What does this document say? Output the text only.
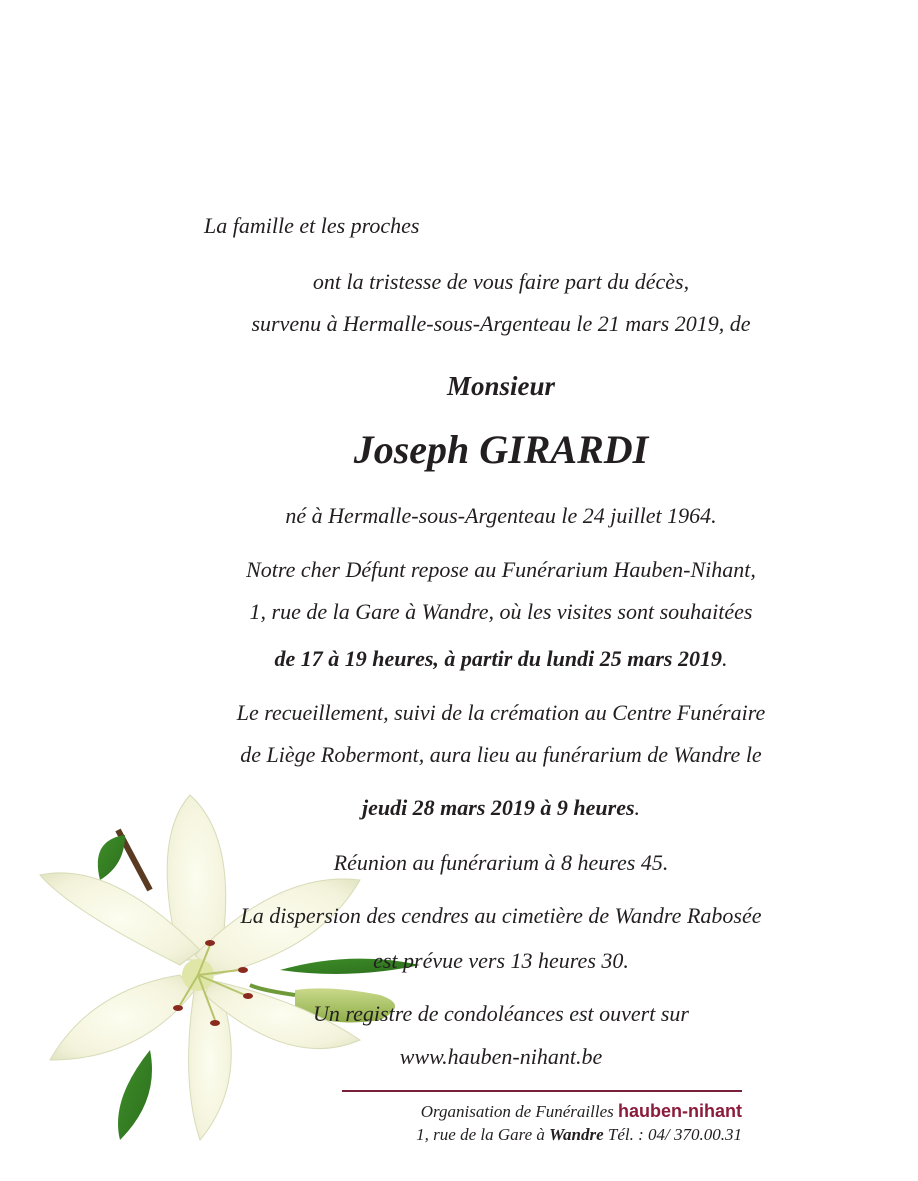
La famille et les proches
ont la tristesse de vous faire part du décès,
survenu à Hermalle-sous-Argenteau le 21 mars 2019, de
Monsieur
Joseph GIRARDI
né à Hermalle-sous-Argenteau le 24 juillet 1964.
Notre cher Défunt repose au Funérarium Hauben-Nihant,
1, rue de la Gare à Wandre, où les visites sont souhaitées
de 17 à 19 heures, à partir du lundi 25 mars 2019.
Le recueillement, suivi de la crémation au Centre Funéraire
de Liège Robermont, aura lieu au funérarium de Wandre le
jeudi 28 mars 2019 à 9 heures.
Réunion au funérarium à 8 heures 45.
La dispersion des cendres au cimetière de Wandre Rabosée
est prévue vers 13 heures 30.
Un registre de condoléances est ouvert sur
www.hauben-nihant.be
Organisation de Funérailles hauben-nihant
1, rue de la Gare à Wandre Tél. : 04/ 370.00.31
